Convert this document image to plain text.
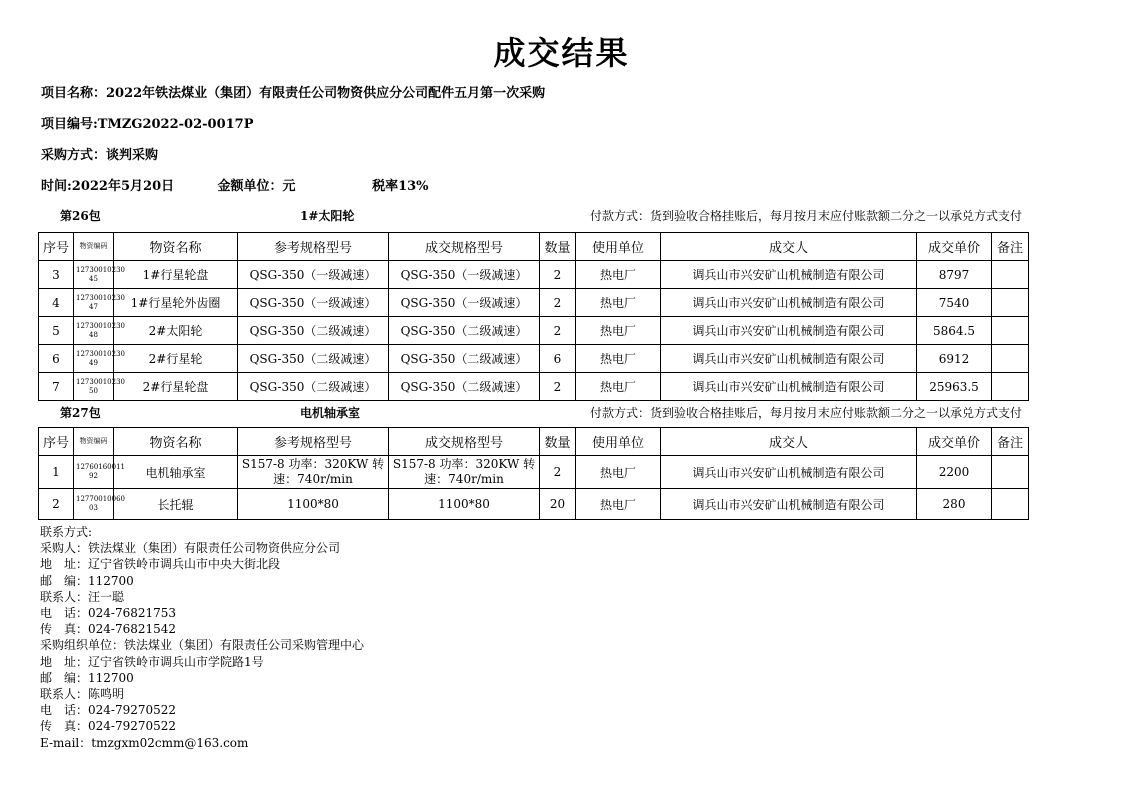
成交结果
项目名称：2022年铁法煤业（集团）有限责任公司物资供应分公司配件五月第一次采购
项目编号:TMZG2022-02-0017P
采购方式：谈判采购
时间:2022年5月20日	金额单位：元	税率13%
第26包	1#太阳轮	付款方式：货到验收合格挂账后，每月按月末应付账款额二分之一以承兑方式支付
序号	物资编码	物资名称	参考规格型号	成交规格型号	数量	使用单位	成交人	成交单价	备注
3	12730010230 45	1#行星轮盘	QSG-350（一级减速）	QSG-350（一级减速）	2	热电厂	调兵山市兴安矿山机械制造有限公司	8797	
4	12730010230 47	1#行星轮外齿圈	QSG-350（一级减速）	QSG-350（一级减速）	2	热电厂	调兵山市兴安矿山机械制造有限公司	7540	
5	12730010230 48	2#太阳轮	QSG-350（二级减速）	QSG-350（二级减速）	2	热电厂	调兵山市兴安矿山机械制造有限公司	5864.5	
6	12730010230 49	2#行星轮	QSG-350（二级减速）	QSG-350（二级减速）	6	热电厂	调兵山市兴安矿山机械制造有限公司	6912	
7	12730010230 50	2#行星轮盘	QSG-350（二级减速）	QSG-350（二级减速）	2	热电厂	调兵山市兴安矿山机械制造有限公司	25963.5	
第27包	电机轴承室	付款方式：货到验收合格挂账后，每月按月末应付账款额二分之一以承兑方式支付
序号	物资编码	物资名称	参考规格型号	成交规格型号	数量	使用单位	成交人	成交单价	备注
1	12760160011 92	电机轴承室	S157-8 功率：320KW 转速：740r/min	S157-8 功率：320KW 转速：740r/min	2	热电厂	调兵山市兴安矿山机械制造有限公司	2200	
2	12770010060 03	长托辊	1100*80	1100*80	20	热电厂	调兵山市兴安矿山机械制造有限公司	280	
联系方式:
采购人：铁法煤业（集团）有限责任公司物资供应分公司
地　址：辽宁省铁岭市调兵山市中央大街北段
邮　编：112700
联系人：汪一聪
电　话：024-76821753
传　真：024-76821542
采购组织单位：铁法煤业（集团）有限责任公司采购管理中心
地　址：辽宁省铁岭市调兵山市学院路1号
邮　编：112700
联系人：陈鸣明
电　话：024-79270522
传　真：024-79270522
E-mail：tmzgxm02cmm@163.com
